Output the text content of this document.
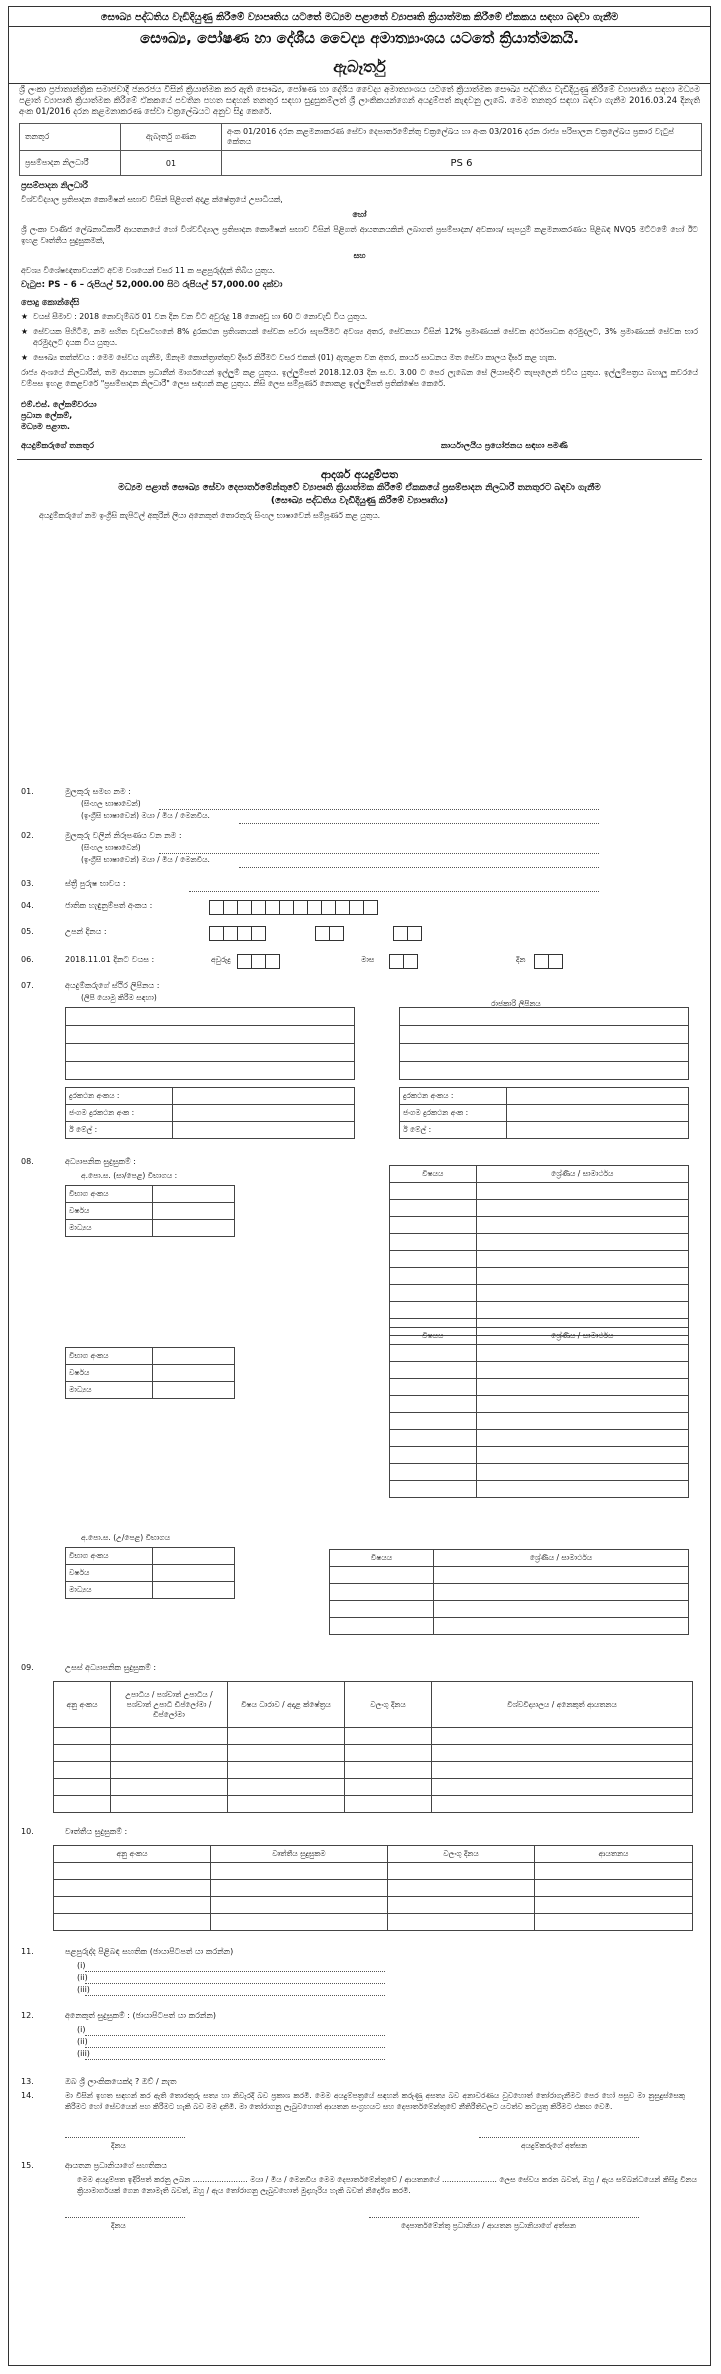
සෞඛ්‍ය පද්ධතිය වැඩිදියුණු කිරීමේ ව්‍යාපෘතිය යටතේ මධ්‍යම පළාතේ ව්‍යාපෘති ක්‍රියාත්මක කිරීමේ ඒකකය සඳහා බඳවා ගැනීම
සෞඛ්‍ය, පෝෂණ හා දේශීය වෛද්‍ය අමාත්‍යාංශය යටතේ ක්‍රියාත්මකයි.
ඇබෑර්තු
ශ්‍රී ලංකා ප්‍රජාතාන්ත්‍රික සමාජවාදී ජනරජය විසින් ක්‍රියාත්මක කර ඇති සෞඛ්‍ය, පෝෂණ හා දේශීය වෛද්‍ය අමාත්‍යාංශය යටතේ ක්‍රියාත්මක සෞඛ්‍ය පද්ධතිය වැඩිදියුණු කිරීමේ ව්‍යාපෘතිය සඳහා මධ්‍යම පළාත් ව්‍යාපෘති ක්‍රියාත්මක කිරීමේ ඒකකයේ පවතින පහත සඳහන් තනතුර සඳහා සුදුසුකම්ලත් ශ්‍රී ලාංකිකයන්ගෙන් අයදුම්පත් කැඳවනු ලැබේ. මෙම තනතුර සඳහා බඳවා ගැනීම 2016.03.24 දිනැති අංක 01/2016 දරන කළමනාකරණ සේවා චක්‍රලේඛයට අනුව සිදු කෙරේ.
තනතුර	ඇබෑර්තු ගණන	අංක 01/2016 දරන කළමනාකරණ සේවා දෙපාර්තමේන්තු චක්‍රලේඛය හා අංක 03/2016 දරන රාජ්‍ය පරිපාලන චක්‍රලේඛය ප්‍රකාර වැටුප් කේතය
ප්‍රසම්පාදන නිලධාරී	01	PS 6
ප්‍රසම්පාදන නිලධාරී
විශ්වවිද්‍යාල ප්‍රතිපාදන කොමිෂන් සභාව විසින් පිළිගත් අදාළ ක්ෂේත්‍රයේ උපාධියක්,
හෝ
ශ්‍රී ලංකා වාණිජ ලේඛනාධිකාරී ආයතනයේ හෝ විශ්වවිද්‍යාල ප්‍රතිපාදන කොමිෂන් සභාව විසින් පිළිගත් ආයතනයකින් ලබාගත් ප්‍රසම්පාදන/ අවකාශ/ සැපයුම් කළමනාකරණය පිළිබඳ NVQ5 මට්ටමේ හෝ ඊට ඉහළ වෘත්තීය සුදුසුකමක්,
සහ
අවශ්‍ය විශේෂඥතාවයන්ට අවම වශයෙන් වසර 11 ක පළපුරුද්දක් තිබිය යුතුය.
වැටුප: PS – 6 – රුපියල් 52,000.00 සිට රුපියල් 57,000.00 දක්වා
පොදු කොන්දේසි
★ වයස් සීමාව : 2018 නොවැම්බර් 01 වන දින වන විට අවුරුදු 18 නොඅඩු හා 60 ට නොවැඩි විය යුතුය.
★ සේවයක පිහිටීම, නම සහිත වැඩසටහනේ 8% දුරකථන ප්‍රතිශතයක් සේවක පවරා සැපයීමට අවශ්‍ය අතර, සේවකයා විසින් 12% ප්‍රමාණයක් සේවක අර්ථසාධක අරමුදලට, 3% ප්‍රමාණයක් සේවක භාර අරමුදලට දායක විය යුතුය.
★ සෞඛ්‍ය තත්ත්වය : මෙම සේවය ගැනීම, ඕනෑම කොන්ත්‍රාත්තුව දීර්ඝ කිරීමට වසර එකක් (01) ඇතුළත වන අතර, කාර්ය සාධනය මත සේවා කාලය දීර්ඝ කළ හැක.
රාජ්‍ය අංශයේ නිලධාරීන්, තම ආයතන ප්‍රධානීන් මාර්ගයෙන් ඉල්ලුම් කළ යුතුය. ඉල්ලුම්පත් 2018.12.03 දින ස.ව. 3.00 ට පෙර ලැබෙන සේ ලියාපදිංචි තැපෑලෙන් එවිය යුතුය. ඉල්ලුම්පත්‍රය බහාලූ කවරයේ වම්පස ඉහළ කෙළවරේ "ප්‍රසම්පාදන නිලධාරී" ලෙස සඳහන් කළ යුතුය. නිසි ලෙස සම්පූර්ණ නොකළ ඉල්ලුම්පත් ප්‍රතික්ෂේප කෙරේ.
එම්.එස්. ලේකම්වරයා
ප්‍රධාන ලේකම්,
මධ්‍යම පළාත.
අයදුම්කරුගේ තනතුර	කාර්යාලයීය ප්‍රයෝජනය සඳහා පමණි
ආදර්ශ අයදුම්පත
මධ්‍යම පළාත් සෞඛ්‍ය සේවා දෙපාර්තමේන්තුවේ ව්‍යාපෘති ක්‍රියාත්මක කිරීමේ ඒකකයේ ප්‍රසම්පාදන නිලධාරී තනතුරට බඳවා ගැනීම
(සෞඛ්‍ය පද්ධතිය වැඩිදියුණු කිරීමේ ව්‍යාපෘතිය)
අයදුම්කරුගේ නම ඉංග්‍රීසි කැපිටල් අකුරින් ලියා අනෙකුත් තොරතුරු සිංහල භාෂාවෙන් සම්පූර්ණ කළ යුතුය.
01.	මුලකුරු සමඟ නම :
(සිංහල භාෂාවෙන්)
(ඉංග්‍රීසි භාෂාවෙන්) මයා / මිය / මෙනවිය.
02.	මුලකුරු වලින් නිරූපණය වන නම :
(සිංහල භාෂාවෙන්)
(ඉංග්‍රීසි භාෂාවෙන්) මයා / මිය / මෙනවිය.
03.	ස්ත්‍රී පුරුෂ භාවය :
04.	ජාතික හැඳුනුම්පත් අංකය :
05.	උපන් දිනය :

06.	2018.11.01 දිනට වයස :	අවුරුදු	මාස	දින
07.	අයදුම්කරුගේ ස්ථිර ලිපිනය :
(ලිපි යොමු කිරීම සඳහා)
රාජකාරි ලිපිනය

දුරකථන අංකය :	
ජංගම දුරකථන අංක :	
ඊ මේල් :	
දුරකථන අංකය :	
ජංගම දුරකථන අංක :	
ඊ මේල් :	
08.	අධ්‍යාපනික සුදුසුකම් :
අ.පො.ස. (සා/පෙළ) විභාගය :
විභාග අංකය	
වර්ෂය	
මාධ්‍යය	
විෂයය	ශ්‍රේණිය / සාමාර්ථය

විභාග අංකය	
වර්ෂය	
මාධ්‍යය	
විෂයය	ශ්‍රේණිය / සාමාර්ථය

අ.පො.ස. (උ/පෙළ) විභාගය
විභාග අංකය	
වර්ෂය	
මාධ්‍යය	
විෂයය	ශ්‍රේණිය / සාමාර්ථය

09.	උසස් අධ්‍යාපනික සුදුසුකම් :
අනු අංකය	උපාධිය / පශ්චාත් උපාධිය / පශ්චාත් උපාධි ඩිප්ලෝමා / ඩිප්ලෝමා	විෂය ධාරාව / අදාළ ක්ෂේත්‍රය	වලංගු දිනය	විශ්වවිද්‍යාලය / අනෙකුත් ආයතනය

10.	වෘත්තීය සුදුසුකම් :
අනු අංකය	වෘත්තීය සුදුසුකම	වලංගු දිනය	ආයතනය

11.	පළපුරුද්ද පිළිබඳ සහතික (ඡායාපිටපත් යා කරන්න)
(i)
(ii)
(iii)
12.	අනෙකුත් සුදුසුකම් : (ඡායාපිටපත් යා කරන්න)
(i)
(ii)
(iii)
13.	ඔබ ශ්‍රී ලාංකිකයෙක්ද ? ඔව් / නැත
14.	මා විසින් ඉහත සඳහන් කර ඇති තොරතුරු සත්‍ය හා නිවැරදි බව ප්‍රකාශ කරමි. මෙම අයදුම්පත්‍රයේ සඳහන් කරුණු අසත්‍ය බව අනාවරණය වුවහොත් තෝරාගැනීමට පෙර හෝ පසුව මා නුසුදුස්සෙකු කිරීමට හෝ සේවයෙන් පහ කිරීමට හැකි බව මම දනිමි. මා තෝරාගනු ලැබුවහොත් ආයතන සංග්‍රහයට සහ දෙපාර්තමේන්තුවේ නීතිරීතිවලට යටත්ව කටයුතු කිරීමට එකඟ වෙමි.
දිනය	අයදුම්කරුගේ අත්සන
15.	ආයතන ප්‍රධානියාගේ සහතිකය
මෙම අයදුම්පත ඉදිරිපත් කරනු ලබන ....................... මයා / මිය / මෙනවිය මෙම දෙපාර්තමේන්තුවේ / ආයතනයේ ....................... ලෙස සේවය කරන බවත්, ඔහු / ඇය සම්බන්ධයෙන් කිසිදු විනය ක්‍රියාමාර්ගයක් ගෙන නොමැති බවත්, ඔහු / ඇය තෝරාගනු ලැබුවහොත් මුදාහැරිය හැකි බවත් නිර්දේශ කරමි.
දිනය	දෙපාර්තමේන්තු ප්‍රධානියා / ආයතන ප්‍රධානියාගේ අත්සන
